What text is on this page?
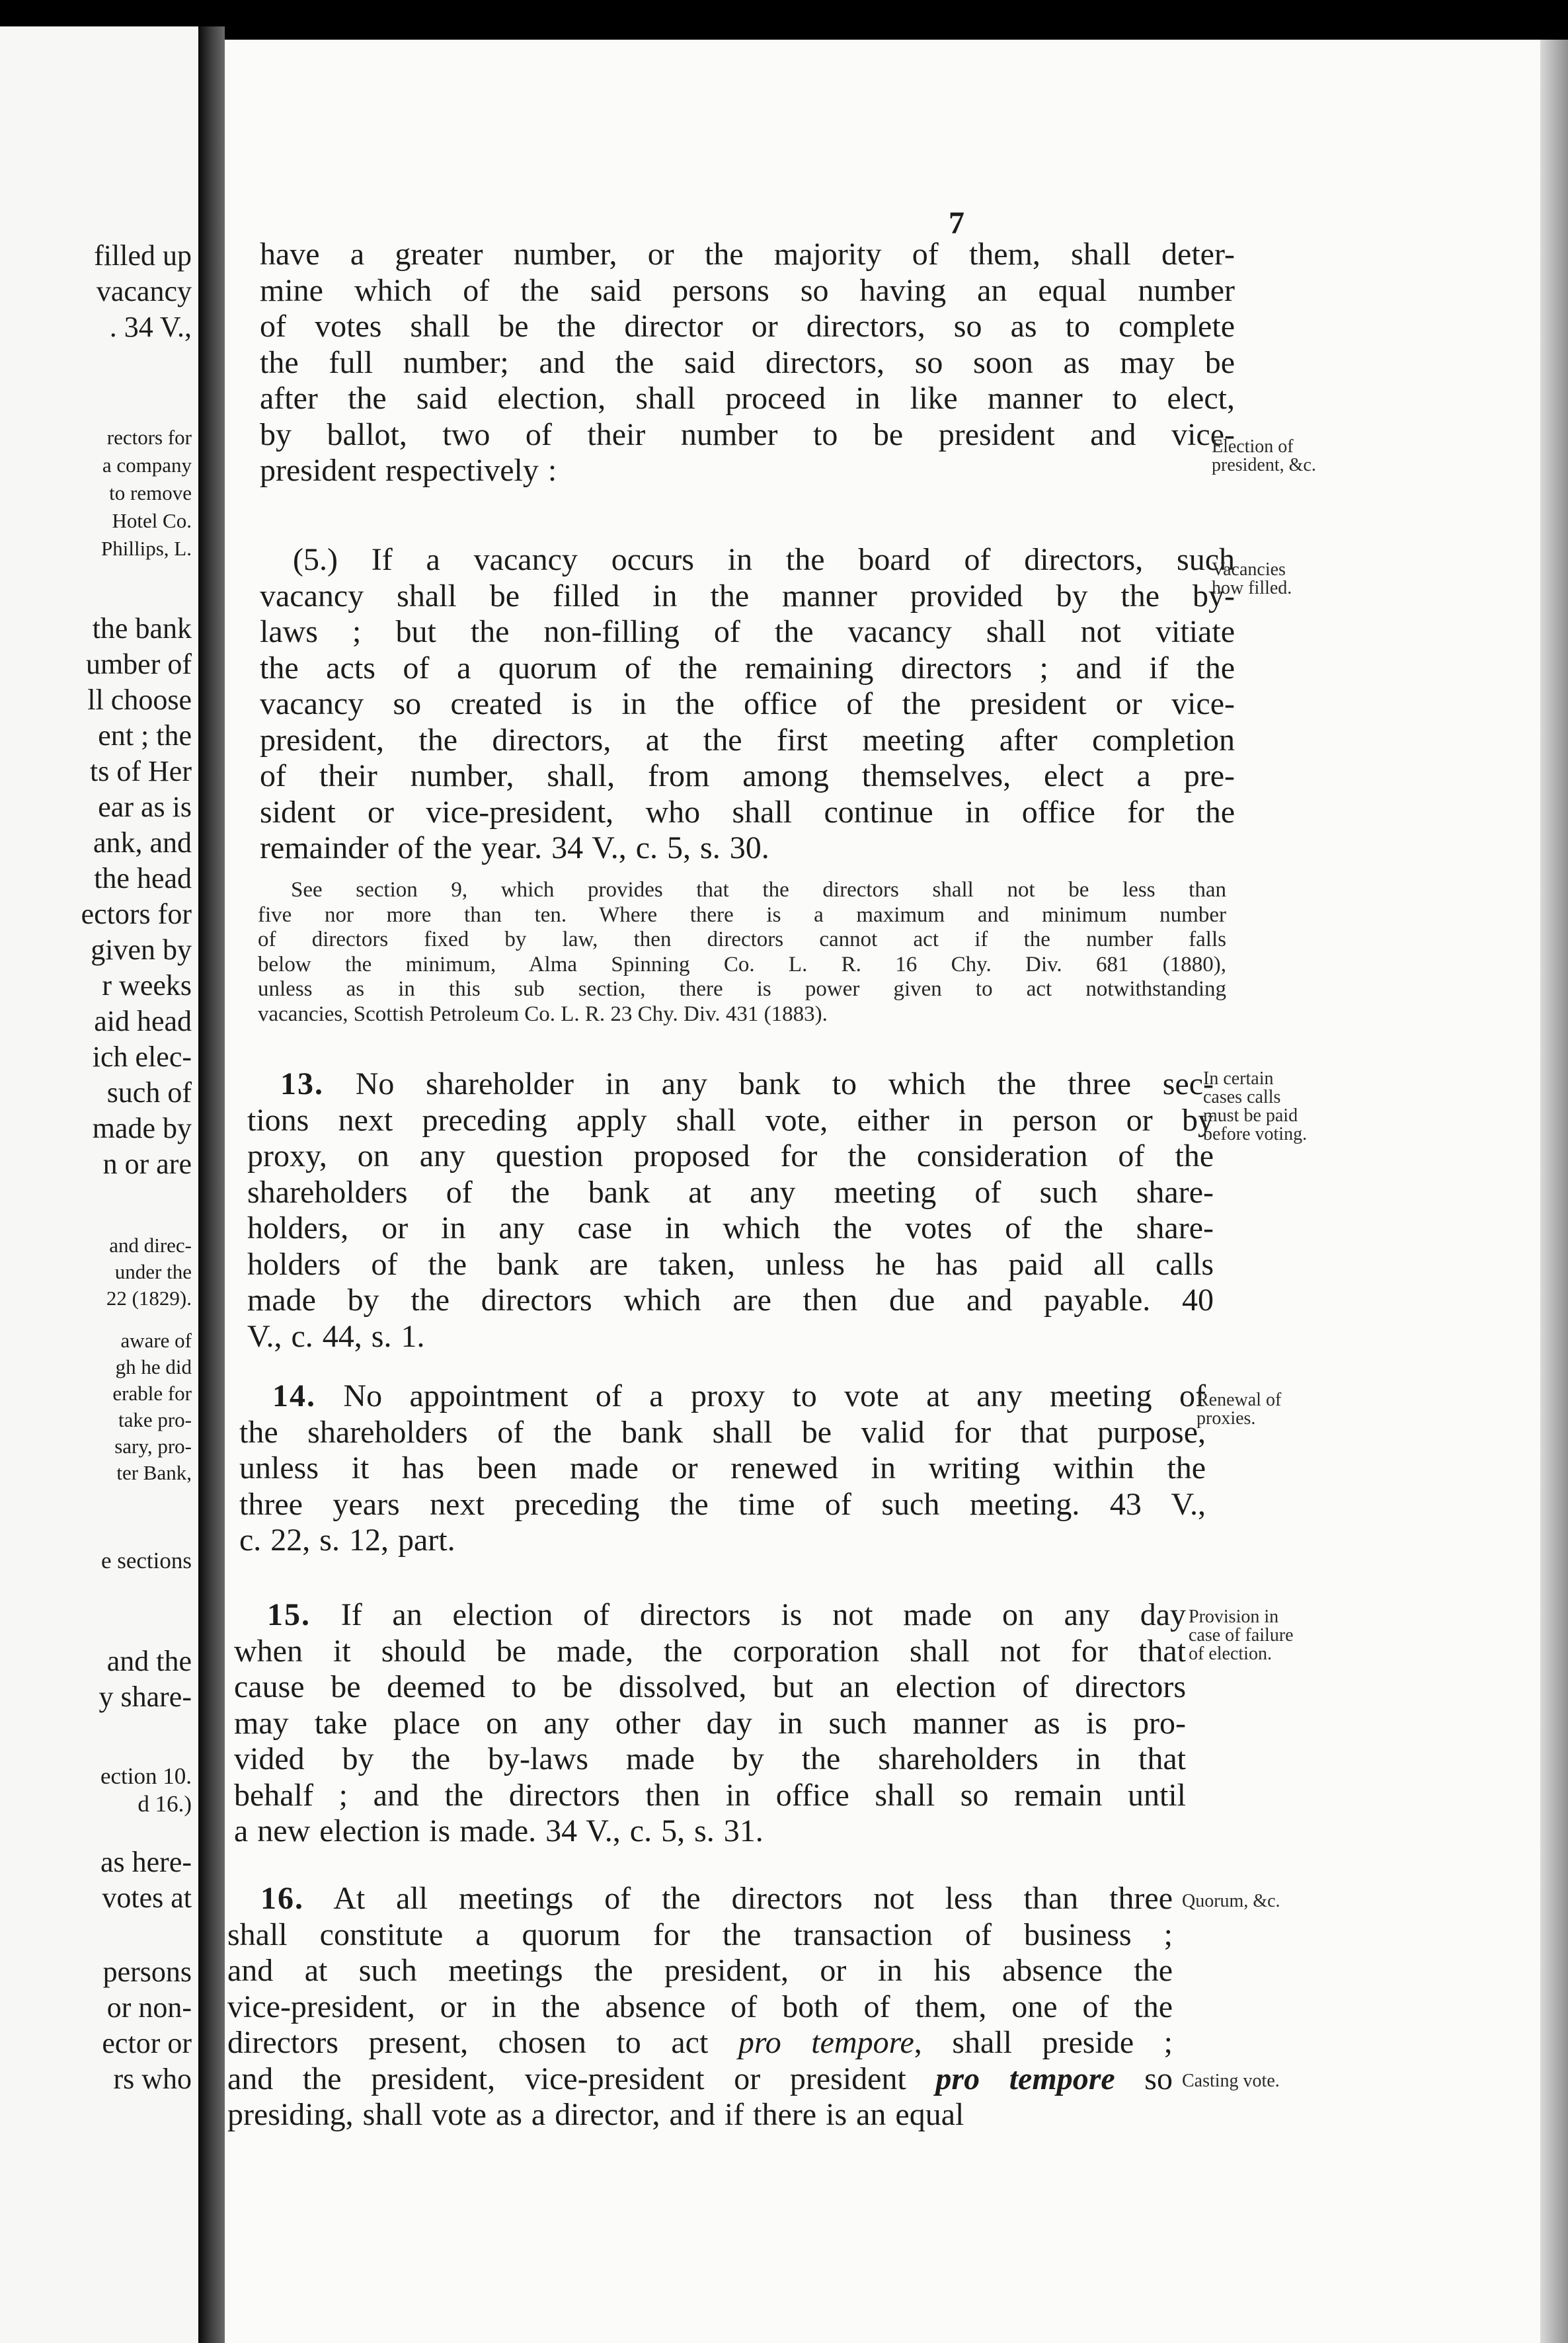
filled up
vacancy
. 34 V.,
rectors for
a company
to remove
Hotel Co.
Phillips, L.
the bank
umber of
ll choose
ent ; the
ts of Her
ear as is
ank, and
the head
ectors for
given by
r weeks
aid head
ich elec-
such of
made by
n or are
and direc-
under the
22 (1829).
aware of
gh he did
erable for
take pro-
sary, pro-
ter Bank,
e sections
and the
y share-
ection 10.
d 16.)
as here-
votes at
persons
or non-
ector or
rs who
7
have a greater number, or the majority of them, shall deter-
mine which of the said persons so having an equal number
of votes shall be the director or directors, so as to complete
the full number; and the said directors, so soon as may be
after the said election, shall proceed in like manner to elect,
by ballot, two of their number to be president and vice-

president respectively :
(5.) If a vacancy occurs in the board of directors, such
vacancy shall be filled in the manner provided by the by-
laws ; but the non-filling of the vacancy shall not vitiate
the acts of a quorum of the remaining directors ; and if the
vacancy so created is in the office of the president or vice-
president, the directors, at the first meeting after completion
of their number, shall, from among themselves, elect a pre-
sident or vice-president, who shall continue in office for the

remainder of the year. 34 V., c. 5, s. 30.
See section 9, which provides that the directors shall not be less than
five nor more than ten. Where there is a maximum and minimum number
of directors fixed by law, then directors cannot act if the number falls
below the minimum, Alma Spinning Co. L. R. 16 Chy. Div. 681 (1880),
unless as in this sub section, there is power given to act notwithstanding
vacancies, Scottish Petroleum Co. L. R. 23 Chy. Div. 431 (1883).
13. No shareholder in any bank to which the three sec-
tions next preceding apply shall vote, either in person or by
proxy, on any question proposed for the consideration of the
shareholders of the bank at any meeting of such share-
holders, or in any case in which the votes of the share-
holders of the bank are taken, unless he has paid all calls
made by the directors which are then due and payable. 40

V., c. 44, s. 1.
14. No appointment of a proxy to vote at any meeting of
the shareholders of the bank shall be valid for that purpose,
unless it has been made or renewed in writing within the
three years next preceding the time of such meeting. 43 V.,

c. 22, s. 12, part.
15. If an election of directors is not made on any day
when it should be made, the corporation shall not for that
cause be deemed to be dissolved, but an election of directors
may take place on any other day in such manner as is pro-
vided by the by-laws made by the shareholders in that
behalf ; and the directors then in office shall so remain until

a new election is made. 34 V., c. 5, s. 31.
16. At all meetings of the directors not less than three
shall constitute a quorum for the transaction of business ;
and at such meetings the president, or in his absence the
vice-president, or in the absence of both of them, one of the
directors present, chosen to act pro tempore, shall preside ;
and the president, vice-president or president pro tempore so

presiding, shall vote as a director, and if there is an equal
Election of
president, &c.
Vacancies
how filled.
In certain
cases calls
must be paid
before voting.
Renewal of
proxies.
Provision in
case of failure
of election.
Quorum, &c.
Casting vote.
